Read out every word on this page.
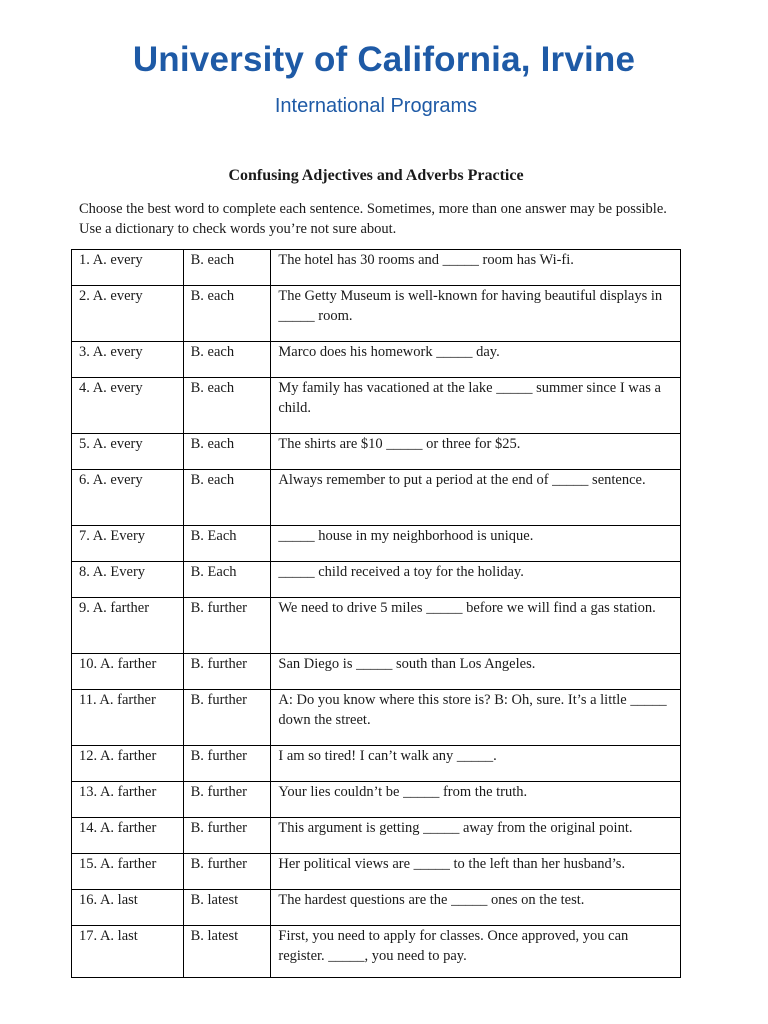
University of California, Irvine
International Programs
Confusing Adjectives and Adverbs Practice
Choose the best word to complete each sentence. Sometimes, more than one answer may be possible. Use a dictionary to check words you’re not sure about.
1. A. every	B. each	The hotel has 30 rooms and _____ room has Wi-fi.
2. A. every	B. each	The Getty Museum is well-known for having beautiful displays in _____ room.
3. A. every	B. each	Marco does his homework _____ day.
4. A. every	B. each	My family has vacationed at the lake _____ summer since I was a child.
5. A. every	B. each	The shirts are $10 _____ or three for $25.
6. A. every	B. each	Always remember to put a period at the end of _____ sentence.
7. A. Every	B. Each	_____ house in my neighborhood is unique.
8. A. Every	B. Each	_____ child received a toy for the holiday.
9. A. farther	B. further	We need to drive 5 miles _____ before we will find a gas station.
10. A. farther	B. further	San Diego is _____ south than Los Angeles.
11. A. farther	B. further	A: Do you know where this store is? B: Oh, sure. It’s a little _____ down the street.
12. A. farther	B. further	I am so tired! I can’t walk any _____.
13. A. farther	B. further	Your lies couldn’t be _____ from the truth.
14. A. farther	B. further	This argument is getting _____ away from the original point.
15. A. farther	B. further	Her political views are _____ to the left than her husband’s.
16. A. last	B. latest	The hardest questions are the _____ ones on the test.
17. A. last	B. latest	First, you need to apply for classes. Once approved, you can register. _____, you need to pay.
